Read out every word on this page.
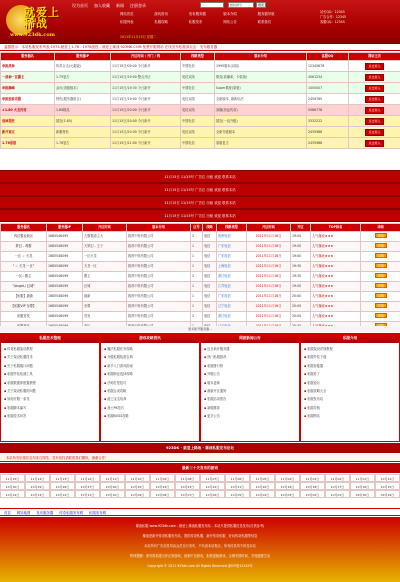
就爱上稀战
www.923dk.com
设为首页 加入收藏 新闻 注册登录	按时间分	搜索
网站首页	游戏资讯	发布服务器	版本介绍	服务器导航
私服列表	私服攻略	私服发布	网站公告	联系我们
2011年11月15日 星期二
站长QQ：12345
广告合作：12345
客服QQ：12345
温馨提示：本站私服发布列表 1973-就爱上1.76 - 1976战役 - 就爱上稀战 923NK.COM 免费开服网站 在线发布私服请点击：发布服务器
服务器名	服务器IP	开区时间 / 开门 / 线	线路类型	版本介绍	客服QQ	网站主页
单挑战神	传奇合击(元素版)	11月15日/09:00 今日新开	中国电信	1995版本(双倍)	12345678	点击进入
一战神一区霸主	1.75复古	11月15日/19:00 整点开区	电信双线	微变(高爆率，卡装备)	4561234	点击进入
单挑巅峰	金币(顶级版本)	11月15日/19:30 今日新开	中国电信	Super系统(原版)	1050007	点击进入
单挑独家首服	特色(服务器组合)	11月15日/19:00 今日新开	电信双线	全新版本, 最新玩法	2459765	点击进入
★1.80 火龙传奇	1.80精品	11月15日/20:00 今日新开	电信双线	高爆(热血传奇)	5566778	点击进入
战神超变	超变(1.85)	11月15日/20:00 今日新开	中国电信	超变(一直升级)	3332222	点击进入
新开首区	新服特色	11月15日/20:30 今日新开	电信双线	全新升级版本	2435986	点击进入
1.76原版	1.76复古	11月15日/21:00 今日新开	中国电信	原版复古	2435988	点击进入
11月15日 11/15号 广告位 出租 欢迎 联系本站
11月15日 11/15号 广告位 出租 欢迎 联系本站
11月15日 11/15号 广告位 出租 欢迎 联系本站
11月15日 11/15号 广告位 出租 欢迎 联系本站
服务器名	服务器IP	开区时间	版本介绍	区号	线路	线路类型	开区时间	开区	TOP排名	详细
四区霸业新区	1685548495	大霸霸道主大	推荐中转有限公司	1	电信	贵州电信	2011年11月16日	19:00	人气爆表★★★	详细
梦幻 - 毒霸	1685548099	天梦幻 - 王子	推荐中转有限公司	1	电信	广东电信	2011年11月16日	19:00	人气爆表★★★	详细
一区 ☆ 火龙	1685548099	一区火龙	推荐中转有限公司	1	电信	广东电信	2011年11月16日	19:00	人气爆表★★★	详细
" ☆ 天龙一 区"	1685548099	天龙一区	推荐中转有限公司	1	电信	上海电信	2011年11月16日	19:30	人气爆表★★★	详细
一区☆霸主	1685548099	霸主	推荐中转有限公司	1	电信	浙江电信	2011年11月16日	19:30	人气爆表★★★	详细
"/AngeL/ 幻城"	1685548099	幻城	推荐中转有限公司	1	电信	江苏电信	2011年11月16日	19:00	人气爆表★★★	详细
【私服】最新	1685548099	最新	推荐中转有限公司	1	电信	广东电信	2011年11月16日	20:00	人气爆表★★★	详细
【私服VIP 至尊】	1685548099	至尊	推荐中转有限公司	1	电信	辽宁电信	2011年11月16日	20:00	人气爆表★★★	详细
私服首发	1685548099	首发	推荐中转有限公司	1	电信	浙江电信	2011年11月16日	20:00	人气爆表★★★	详细

更多新开服务器...
私服技术整理
▪ 传奇私服架设教程
▪ 关于架设私服技术
▪ 关于私服端口问题
▪ 私服外挂检测工具
▪ 私服数据库配置教程
▪ 关于架设私服的问题
▪ 如何开服一条龙
▪ 私服脚本编写
▪ 私服技术问答
游戏攻略资讯
▪ 魔法私服任务攻略
▪ 升级私服装备宝典
▪ 新手入门游戏指南
▪ 私服职业选择攻略
▪ 法师打怪技巧
▪ 私服合成攻略
▪ 道士宝宝培养
▪ 战士PK技巧
▪ 私服BOSS攻略
网游新闻公告
▪ 近日新开服务器
▪ 热门私服推荐
▪ 私服排行榜
▪ 开服公告
▪ 版本更新
▪ 最新开区通知
▪ 私服活动预告
▪ 新服推荐
▪ 更多公告
私服介绍
▪ 私服架设详细教程
▪ 私服外挂下载
▪ 私服登陆器
▪ 私服补丁
▪ 私服论坛
▪ 私服攻略大全
▪ 私服发布站
▪ 私服导航
▪ 私服网站
923DK - 就爱上稀战 - 稀战私服发布论坛
本站所发私服信息均来自网络，若有侵权请联系我们删除，谢谢合作！
最新三十天发布的游戏
11月15日	11月14日	11月13日	11月12日	11月11日	11月10日	11月09日	11月08日	11月07日	11月06日	11月05日	11月04日	11月03日	11月02日	11月01日	10月31日
10月30日	10月29日	10月28日	10月27日	10月26日	10月25日	10月24日	10月23日	10月22日	10月21日	10月20日	10月19日	10月18日	10月17日	10月16日	10月15日
10月14日	10月13日	10月12日	10月11日	10月10日	10月09日	10月08日	10月07日	10月06日	10月05日	10月04日	10月03日	10月02日	10月01日	09月30日	09月29日
首页 网站地图 发布服务器 传奇私服发布网 私服发布网

稀战私服 www.923dk.com - 就爱上稀战私服发布站 - 本站只提供私服信息发布(仅供参考)

稀战是新开传奇私服发布站，提供传奇私服、新开传奇私服、好玩传奇私服等信息

本站所有广告信息均由会员自行发布，不代表本站观点，所有信息均不涉及本站

特别提醒：请勿将私服当作正规游戏，抵制不良游戏，拒绝盗版游戏，合理安排时间，享受健康生活

Copyright © 2011 923dk.com All Rights Reserved 浙ICP备12345号
